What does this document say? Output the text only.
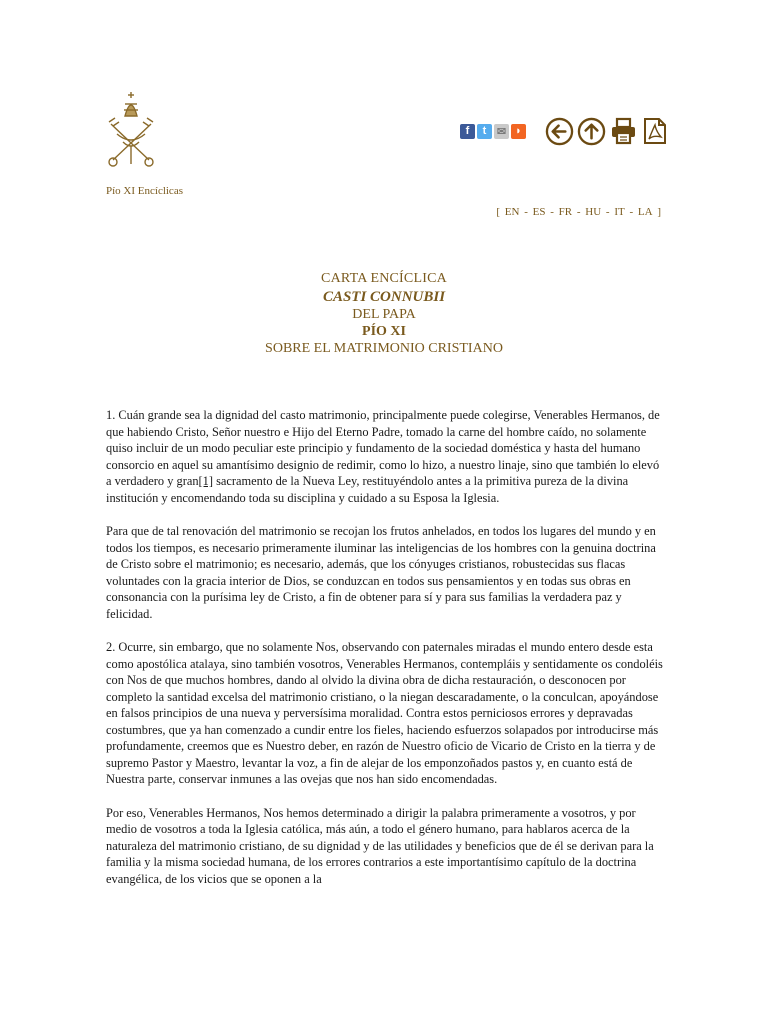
Pío XI Encíclicas
f	t ✉ ◗
[ EN - ES - FR - HU - IT - LA ]
CARTA ENCÍCLICA
CASTI CONNUBII
DEL PAPA
PÍO XI
SOBRE EL MATRIMONIO CRISTIANO

1. Cuán grande sea la dignidad del casto matrimonio, principalmente puede colegirse, Venerables Hermanos, de que habiendo Cristo, Señor nuestro e Hijo del Eterno Padre, tomado la carne del hombre caído, no solamente quiso incluir de un modo peculiar este principio y fundamento de la sociedad doméstica y hasta del humano consorcio en aquel su amantísimo designio de redimir, como lo hizo, a nuestro linaje, sino que también lo elevó a verdadero y gran[1] sacramento de la Nueva Ley, restituyéndolo antes a la primitiva pureza de la divina institución y encomendando toda su disciplina y cuidado a su Esposa la Iglesia.

Para que de tal renovación del matrimonio se recojan los frutos anhelados, en todos los lugares del mundo y en todos los tiempos, es necesario primeramente iluminar las inteligencias de los hombres con la genuina doctrina de Cristo sobre el matrimonio; es necesario, además, que los cónyuges cristianos, robustecidas sus flacas voluntades con la gracia interior de Dios, se conduzcan en todos sus pensamientos y en todas sus obras en consonancia con la purísima ley de Cristo, a fin de obtener para sí y para sus familias la verdadera paz y felicidad.

2. Ocurre, sin embargo, que no solamente Nos, observando con paternales miradas el mundo entero desde esta como apostólica atalaya, sino también vosotros, Venerables Hermanos, contempláis y sentidamente os condoléis con Nos de que muchos hombres, dando al olvido la divina obra de dicha restauración, o desconocen por completo la santidad excelsa del matrimonio cristiano, o la niegan descaradamente, o la conculcan, apoyándose en falsos principios de una nueva y perversísima moralidad. Contra estos perniciosos errores y depravadas costumbres, que ya han comenzado a cundir entre los fieles, haciendo esfuerzos solapados por introducirse más profundamente, creemos que es Nuestro deber, en razón de Nuestro oficio de Vicario de Cristo en la tierra y de supremo Pastor y Maestro, levantar la voz, a fin de alejar de los emponzoñados pastos y, en cuanto está de Nuestra parte, conservar inmunes a las ovejas que nos han sido encomendadas.

Por eso, Venerables Hermanos, Nos hemos determinado a dirigir la palabra primeramente a vosotros, y por medio de vosotros a toda la Iglesia católica, más aún, a todo el género humano, para hablaros acerca de la naturaleza del matrimonio cristiano, de su dignidad y de las utilidades y beneficios que de él se derivan para la familia y la misma sociedad humana, de los errores contrarios a este importantísimo capítulo de la doctrina evangélica, de los vicios que se oponen a la
